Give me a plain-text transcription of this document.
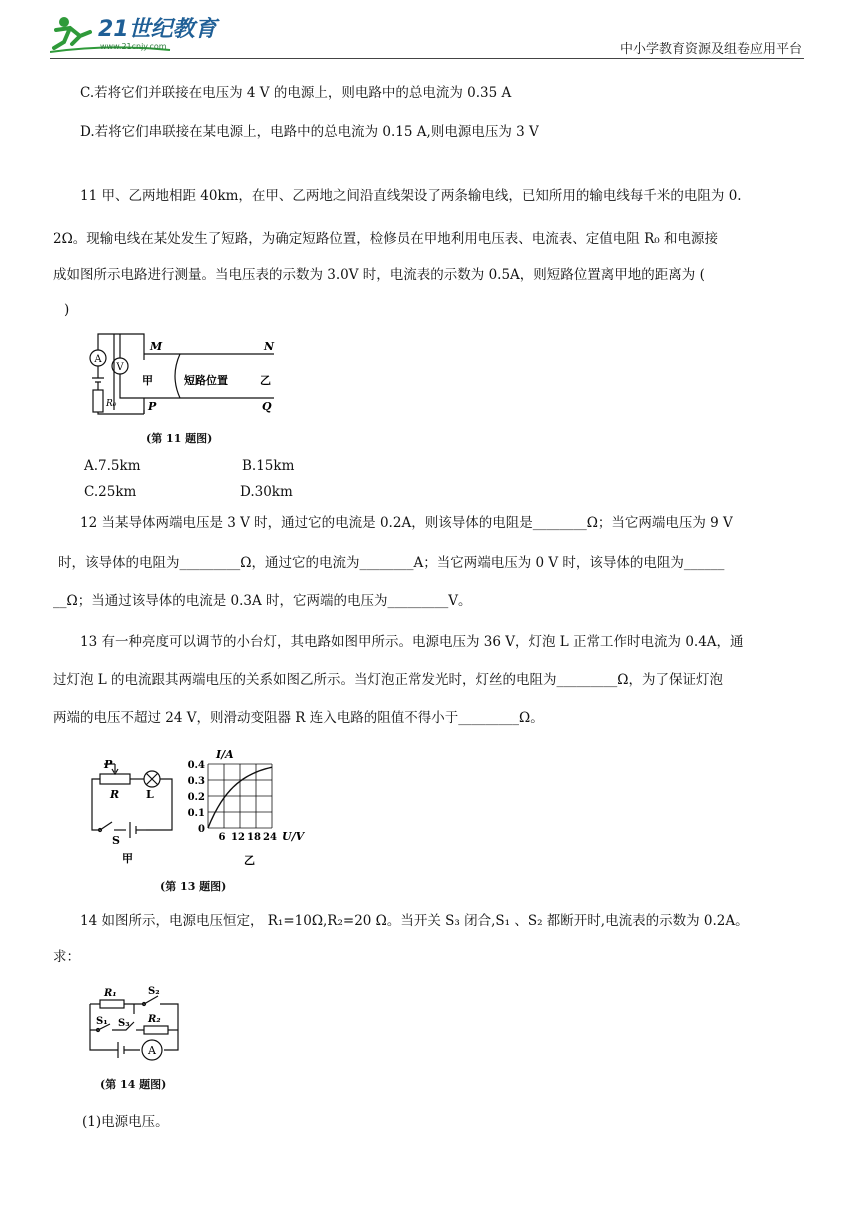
21世纪教育
www.21cnjy.com	中小学教育资源及组卷应用平台
C.若将它们并联接在电压为 4 V 的电源上，则电路中的总电流为 0.35 A
D.若将它们串联接在某电源上，电路中的总电流为 0.15 A,则电源电压为 3 V
11 甲、乙两地相距 40km，在甲、乙两地之间沿直线架设了两条输电线，已知所用的输电线每千米的电阻为 0.
2Ω。现输电线在某处发生了短路，为确定短路位置，检修员在甲地利用电压表、电流表、定值电阻 R₀ 和电源接
成如图所示电路进行测量。当电压表的示数为 3.0V 时，电流表的示数为 0.5A，则短路位置离甲地的距离为 (
)
A
V
M	N
P	Q
甲	乙
短路位置
R₀
(第 11 题图)
A.7.5km	B.15km
C.25km	D.30km
12 当某导体两端电压是 3 V 时，通过它的电流是 0.2A，则该导体的电阻是________Ω；当它两端电压为 9 V
时，该导体的电阻为_________Ω，通过它的电流为________A；当它两端电压为 0 V 时，该导体的电阻为______
__Ω；当通过该导体的电流是 0.3A 时，它两端的电压为_________V。
13 有一种亮度可以调节的小台灯，其电路如图甲所示。电源电压为 36 V，灯泡 L 正常工作时电流为 0.4A，通
过灯泡 L 的电流跟其两端电压的关系如图乙所示。当灯泡正常发光时，灯丝的电阻为_________Ω，为了保证灯泡
两端的电压不超过 24 V，则滑动变阻器 R 连入电路的阻值不得小于_________Ω。
P
R L
S
甲
0.4
0.3
0.2
0.1
0
6 12 18 24
I/A
U/V
乙
(第 13 题图)
14 如图所示，电源电压恒定， R₁=10Ω,R₂=20 Ω。当开关 S₃ 闭合,S₁ 、S₂ 都断开时,电流表的示数为 0.2A。
求：
R₁	S₂
S₁ S₃ R₂
A
(第 14 题图)
(1)电源电压。
